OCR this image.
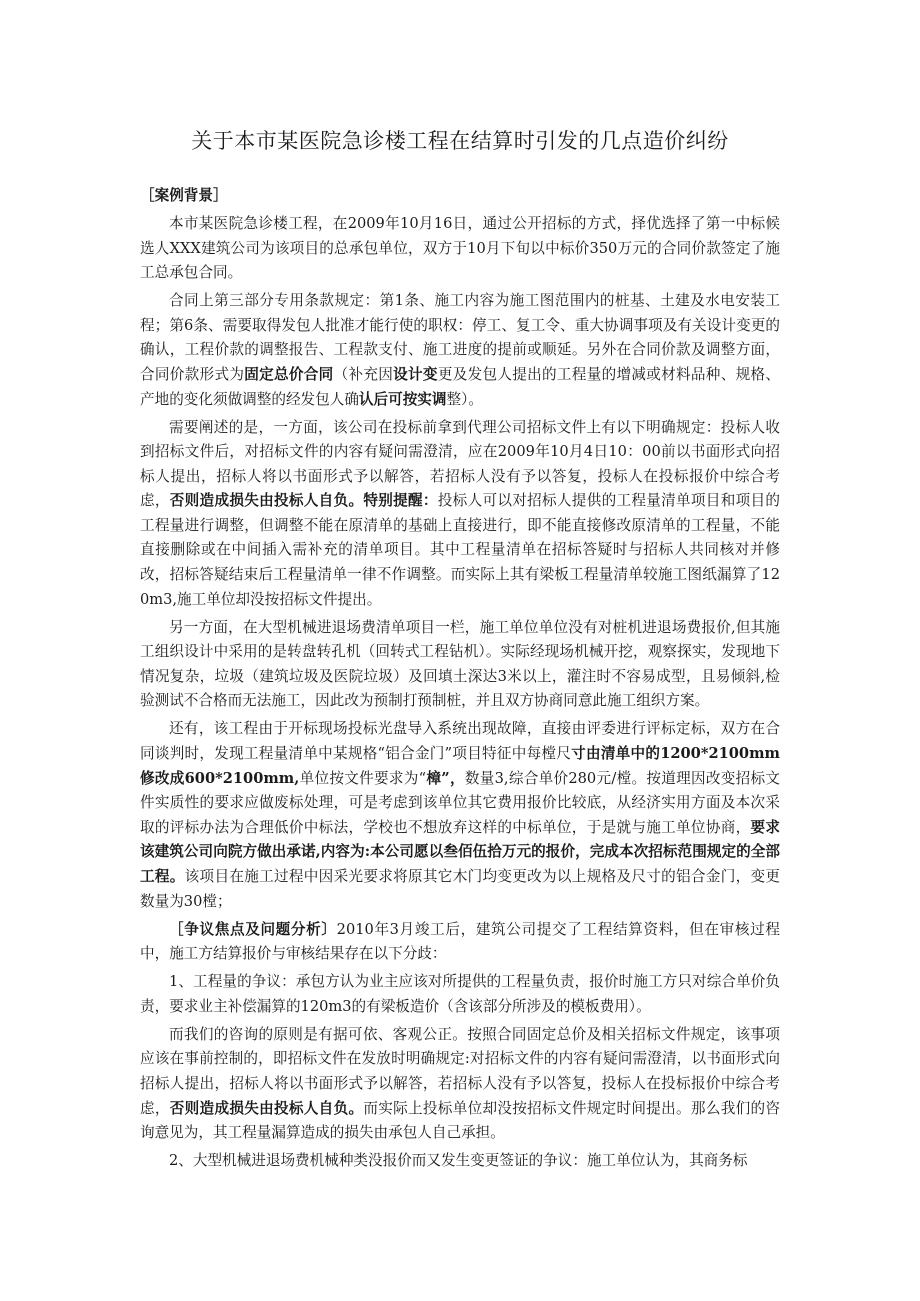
关于本市某医院急诊楼工程在结算时引发的几点造价纠纷

［案例背景］

本市某医院急诊楼工程，在2009年10月16日，通过公开招标的方式，择优选择了第一中标候选人XXX建筑公司为该项目的总承包单位，双方于10月下旬以中标价350万元的合同价款签定了施工总承包合同。

合同上第三部分专用条款规定：第1条、施工内容为施工图范围内的桩基、土建及水电安装工程；第6条、需要取得发包人批准才能行使的职权：停工、复工令、重大协调事项及有关设计变更的确认，工程价款的调整报告、工程款支付、施工进度的提前或顺延。另外在合同价款及调整方面，合同价款形式为固定总价合同（补充因设计变更及发包人提出的工程量的增减或材料品种、规格、产地的变化须做调整的经发包人确认后可按实调整）。

需要阐述的是，一方面，该公司在投标前拿到代理公司招标文件上有以下明确规定：投标人收到招标文件后，对招标文件的内容有疑问需澄清，应在2009年10月4日10：00前以书面形式向招标人提出，招标人将以书面形式予以解答，若招标人没有予以答复，投标人在投标报价中综合考虑，否则造成损失由投标人自负。特别提醒：投标人可以对招标人提供的工程量清单项目和项目的工程量进行调整，但调整不能在原清单的基础上直接进行，即不能直接修改原清单的工程量，不能直接删除或在中间插入需补充的清单项目。其中工程量清单在招标答疑时与招标人共同核对并修改，招标答疑结束后工程量清单一律不作调整。而实际上其有梁板工程量清单较施工图纸漏算了120m3,施工单位却没按招标文件提出。

另一方面，在大型机械进退场费清单项目一栏，施工单位单位没有对桩机进退场费报价,但其施工组织设计中采用的是转盘转孔机（回转式工程钻机）。实际经现场机械开挖，观察探实，发现地下情况复杂，垃圾（建筑垃圾及医院垃圾）及回填土深达3米以上，灌注时不容易成型，且易倾斜,检验测试不合格而无法施工，因此改为预制打预制桩，并且双方协商同意此施工组织方案。

还有，该工程由于开标现场投标光盘导入系统出现故障，直接由评委进行评标定标，双方在合同谈判时，发现工程量清单中某规格“铝合金门”项目特征中每樘尺寸由清单中的1200*2100mm修改成600*2100mm,单位按文件要求为“樟”，数量3,综合单价280元/樘。按道理因改变招标文件实质性的要求应做废标处理，可是考虑到该单位其它费用报价比较底，从经济实用方面及本次采取的评标办法为合理低价中标法，学校也不想放弃这样的中标单位，于是就与施工单位协商，要求该建筑公司向院方做出承诺,内容为:本公司愿以叁佰伍拾万元的报价，完成本次招标范围规定的全部工程。该项目在施工过程中因采光要求将原其它木门均变更改为以上规格及尺寸的铝合金门，变更数量为30樘；

［争议焦点及问题分析〕2010年3月竣工后，建筑公司提交了工程结算资料，但在审核过程中，施工方结算报价与审核结果存在以下分歧：

1、工程量的争议：承包方认为业主应该对所提供的工程量负责，报价时施工方只对综合单价负责，要求业主补偿漏算的120m3的有梁板造价（含该部分所涉及的模板费用）。

而我们的咨询的原则是有据可依、客观公正。按照合同固定总价及相关招标文件规定，该事项应该在事前控制的，即招标文件在发放时明确规定:对招标文件的内容有疑问需澄清，以书面形式向招标人提出，招标人将以书面形式予以解答，若招标人没有予以答复，投标人在投标报价中综合考虑，否则造成损失由投标人自负。而实际上投标单位却没按招标文件规定时间提出。那么我们的咨询意见为，其工程量漏算造成的损失由承包人自己承担。

2、大型机械进退场费机械种类没报价而又发生变更签证的争议：施工单位认为，其商务标
